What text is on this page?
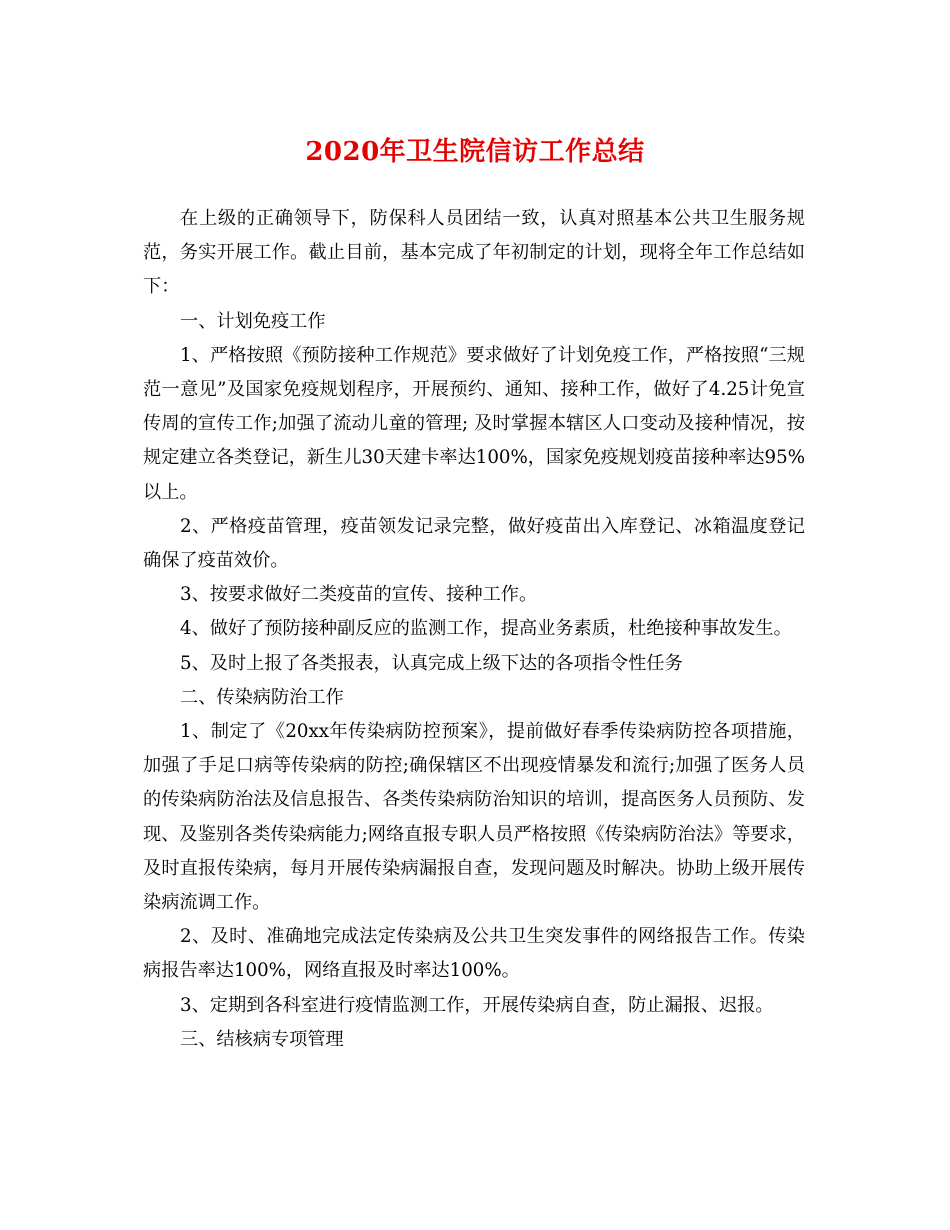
2020年卫生院信访工作总结

在上级的正确领导下，防保科人员团结一致，认真对照基本公共卫生服务规范，务实开展工作。截止目前，基本完成了年初制定的计划，现将全年工作总结如下：

一、计划免疫工作

1、严格按照《预防接种工作规范》要求做好了计划免疫工作，严格按照“三规范一意见”及国家免疫规划程序，开展预约、通知、接种工作，做好了4.25计免宣传周的宣传工作;加强了流动儿童的管理; 及时掌握本辖区人口变动及接种情况，按规定建立各类登记，新生儿30天建卡率达100%，国家免疫规划疫苗接种率达95%以上。

2、严格疫苗管理，疫苗领发记录完整，做好疫苗出入库登记、冰箱温度登记确保了疫苗效价。

3、按要求做好二类疫苗的宣传、接种工作。

4、做好了预防接种副反应的监测工作，提高业务素质，杜绝接种事故发生。

5、及时上报了各类报表，认真完成上级下达的各项指令性任务

二、传染病防治工作

1、制定了《20xx年传染病防控预案》，提前做好春季传染病防控各项措施，加强了手足口病等传染病的防控;确保辖区不出现疫情暴发和流行;加强了医务人员的传染病防治法及信息报告、各类传染病防治知识的培训，提高医务人员预防、发现、及鉴别各类传染病能力;网络直报专职人员严格按照《传染病防治法》等要求，及时直报传染病，每月开展传染病漏报自查，发现问题及时解决。协助上级开展传染病流调工作。

2、及时、准确地完成法定传染病及公共卫生突发事件的网络报告工作。传染病报告率达100%，网络直报及时率达100%。

3、定期到各科室进行疫情监测工作，开展传染病自查，防止漏报、迟报。

三、结核病专项管理
